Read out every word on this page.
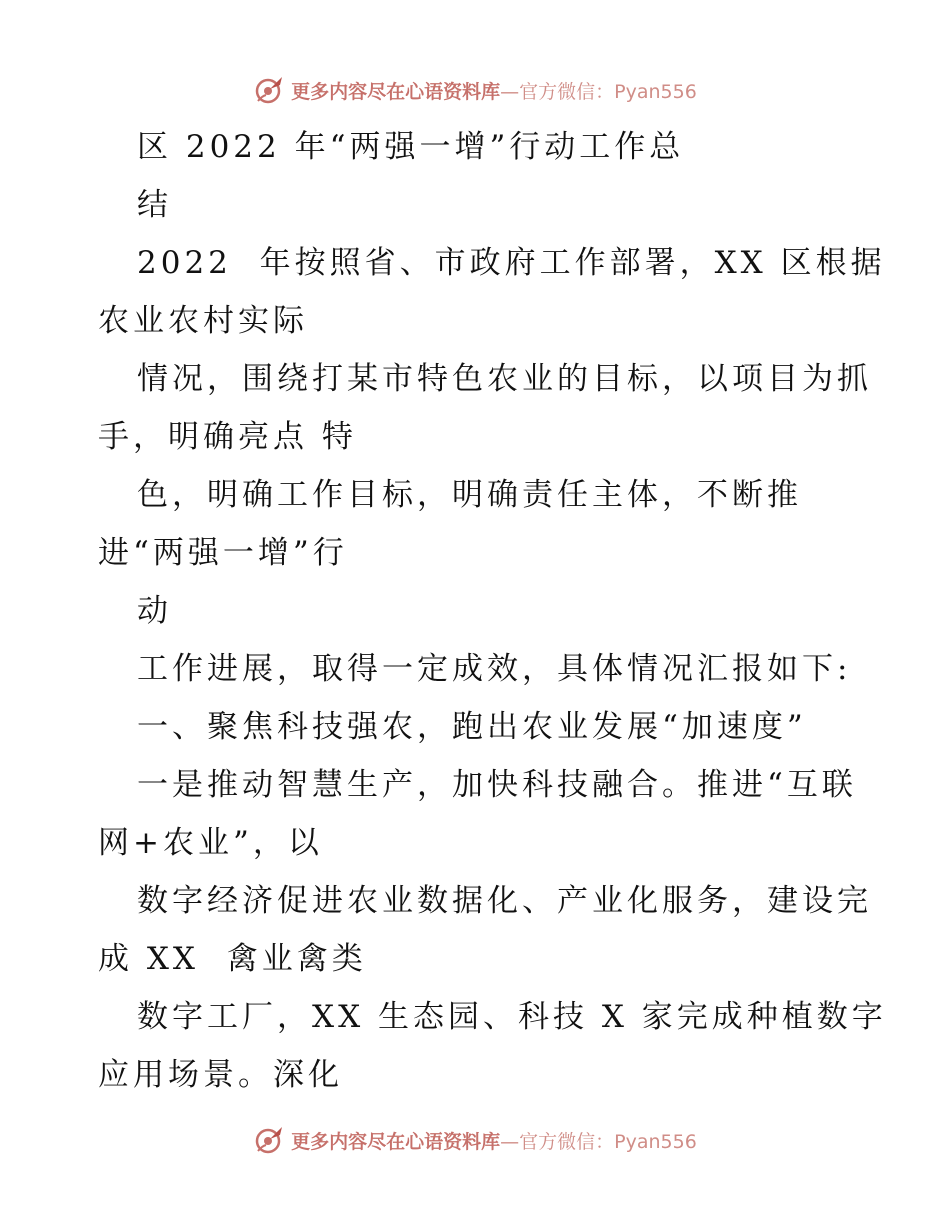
更多内容尽在心语资料库—官方微信：Pyan556
区 2022 年“两强一增”行动工作总
结
2022  年按照省、市政府工作部署，XX 区根据
农业农村实际
情况，围绕打某市特色农业的目标，以项目为抓
手，明确亮点 特
色，明确工作目标，明确责任主体，不断推
进“两强一增”行
动
工作进展，取得一定成效，具体情况汇报如下:
一、聚焦科技强农，跑出农业发展“加速度”
一是推动智慧生产，加快科技融合。推进“互联
网+农业”，以
数字经济促进农业数据化、产业化服务，建设完
成 XX  禽业禽类
数字工厂，XX 生态园、科技 X 家完成种植数字
应用场景。深化
更多内容尽在心语资料库—官方微信：Pyan556
